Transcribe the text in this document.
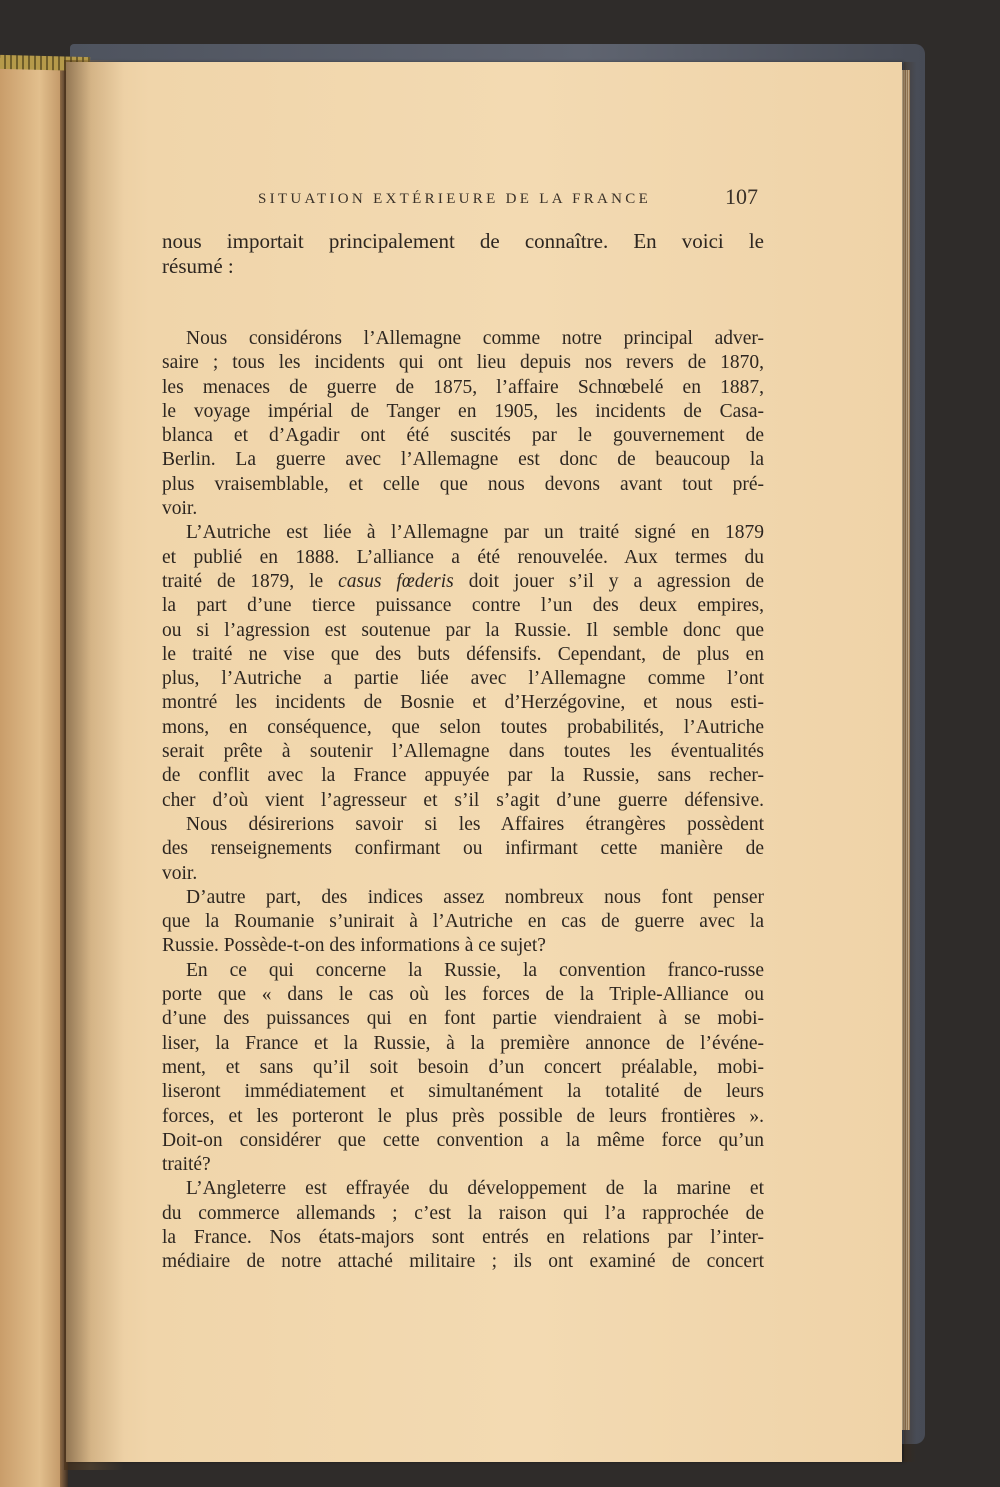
SITUATION EXTÉRIEURE DE LA FRANCE	107
nous importait principalement de connaître. En voici le
résumé :
Nous considérons l’Allemagne comme notre principal adver-
saire ; tous les incidents qui ont lieu depuis nos revers de 1870,
les menaces de guerre de 1875, l’affaire Schnœbelé en 1887,
le voyage impérial de Tanger en 1905, les incidents de Casa-
blanca et d’Agadir ont été suscités par le gouvernement de
Berlin. La guerre avec l’Allemagne est donc de beaucoup la
plus vraisemblable, et celle que nous devons avant tout pré-
voir.
L’Autriche est liée à l’Allemagne par un traité signé en 1879
et publié en 1888. L’alliance a été renouvelée. Aux termes du
traité de 1879, le casus fœderis doit jouer s’il y a agression de
la part d’une tierce puissance contre l’un des deux empires,
ou si l’agression est soutenue par la Russie. Il semble donc que
le traité ne vise que des buts défensifs. Cependant, de plus en
plus, l’Autriche a partie liée avec l’Allemagne comme l’ont
montré les incidents de Bosnie et d’Herzégovine, et nous esti-
mons, en conséquence, que selon toutes probabilités, l’Autriche
serait prête à soutenir l’Allemagne dans toutes les éventualités
de conflit avec la France appuyée par la Russie, sans recher-
cher d’où vient l’agresseur et s’il s’agit d’une guerre défensive.
Nous désirerions savoir si les Affaires étrangères possèdent
des renseignements confirmant ou infirmant cette manière de
voir.
D’autre part, des indices assez nombreux nous font penser
que la Roumanie s’unirait à l’Autriche en cas de guerre avec la
Russie. Possède-t-on des informations à ce sujet?
En ce qui concerne la Russie, la convention franco-russe
porte que « dans le cas où les forces de la Triple-Alliance ou
d’une des puissances qui en font partie viendraient à se mobi-
liser, la France et la Russie, à la première annonce de l’événe-
ment, et sans qu’il soit besoin d’un concert préalable, mobi-
liseront immédiatement et simultanément la totalité de leurs
forces, et les porteront le plus près possible de leurs frontières ».
Doit-on considérer que cette convention a la même force qu’un
traité?
L’Angleterre est effrayée du développement de la marine et
du commerce allemands ; c’est la raison qui l’a rapprochée de
la France. Nos états-majors sont entrés en relations par l’inter-
médiaire de notre attaché militaire ; ils ont examiné de concert
